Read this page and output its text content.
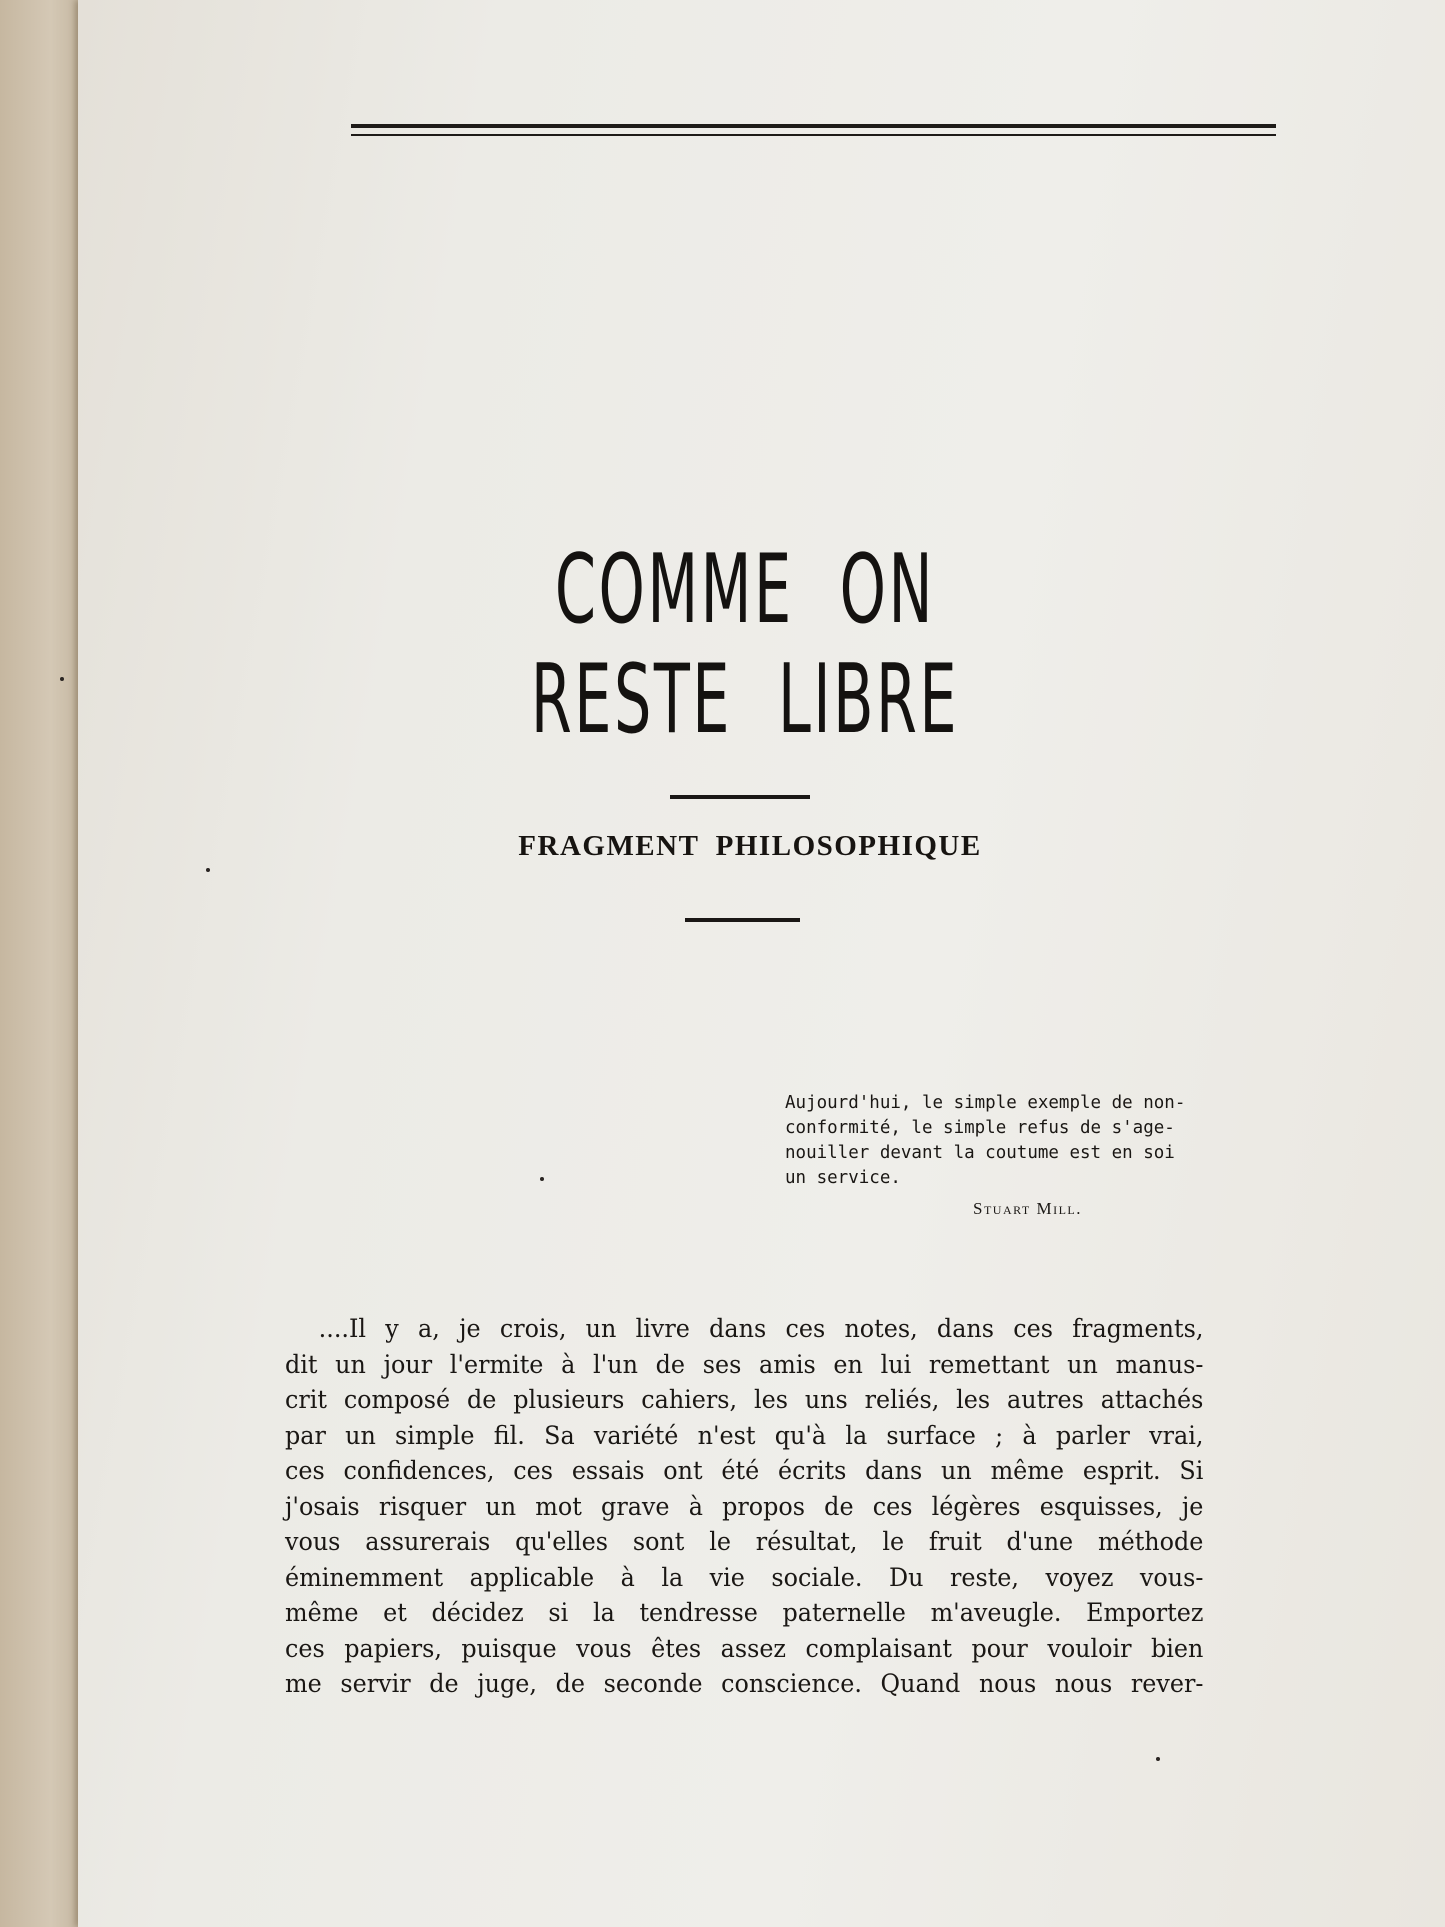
COMME ON RESTE LIBRE
FRAGMENT PHILOSOPHIQUE
Aujourd'hui, le simple exemple de non-
conformité, le simple refus de s'age-
nouiller devant la coutume est en soi
un service.
Stuart Mill.
....Il y a, je crois, un livre dans ces notes, dans ces fragments,
dit un jour l'ermite à l'un de ses amis en lui remettant un manus-
crit composé de plusieurs cahiers, les uns reliés, les autres attachés
par un simple fil. Sa variété n'est qu'à la surface ; à parler vrai,
ces confidences, ces essais ont été écrits dans un même esprit. Si
j'osais risquer un mot grave à propos de ces légères esquisses, je
vous assurerais qu'elles sont le résultat, le fruit d'une méthode
éminemment applicable à la vie sociale. Du reste, voyez vous-
même et décidez si la tendresse paternelle m'aveugle. Emportez
ces papiers, puisque vous êtes assez complaisant pour vouloir bien
me servir de juge, de seconde conscience. Quand nous nous rever-
